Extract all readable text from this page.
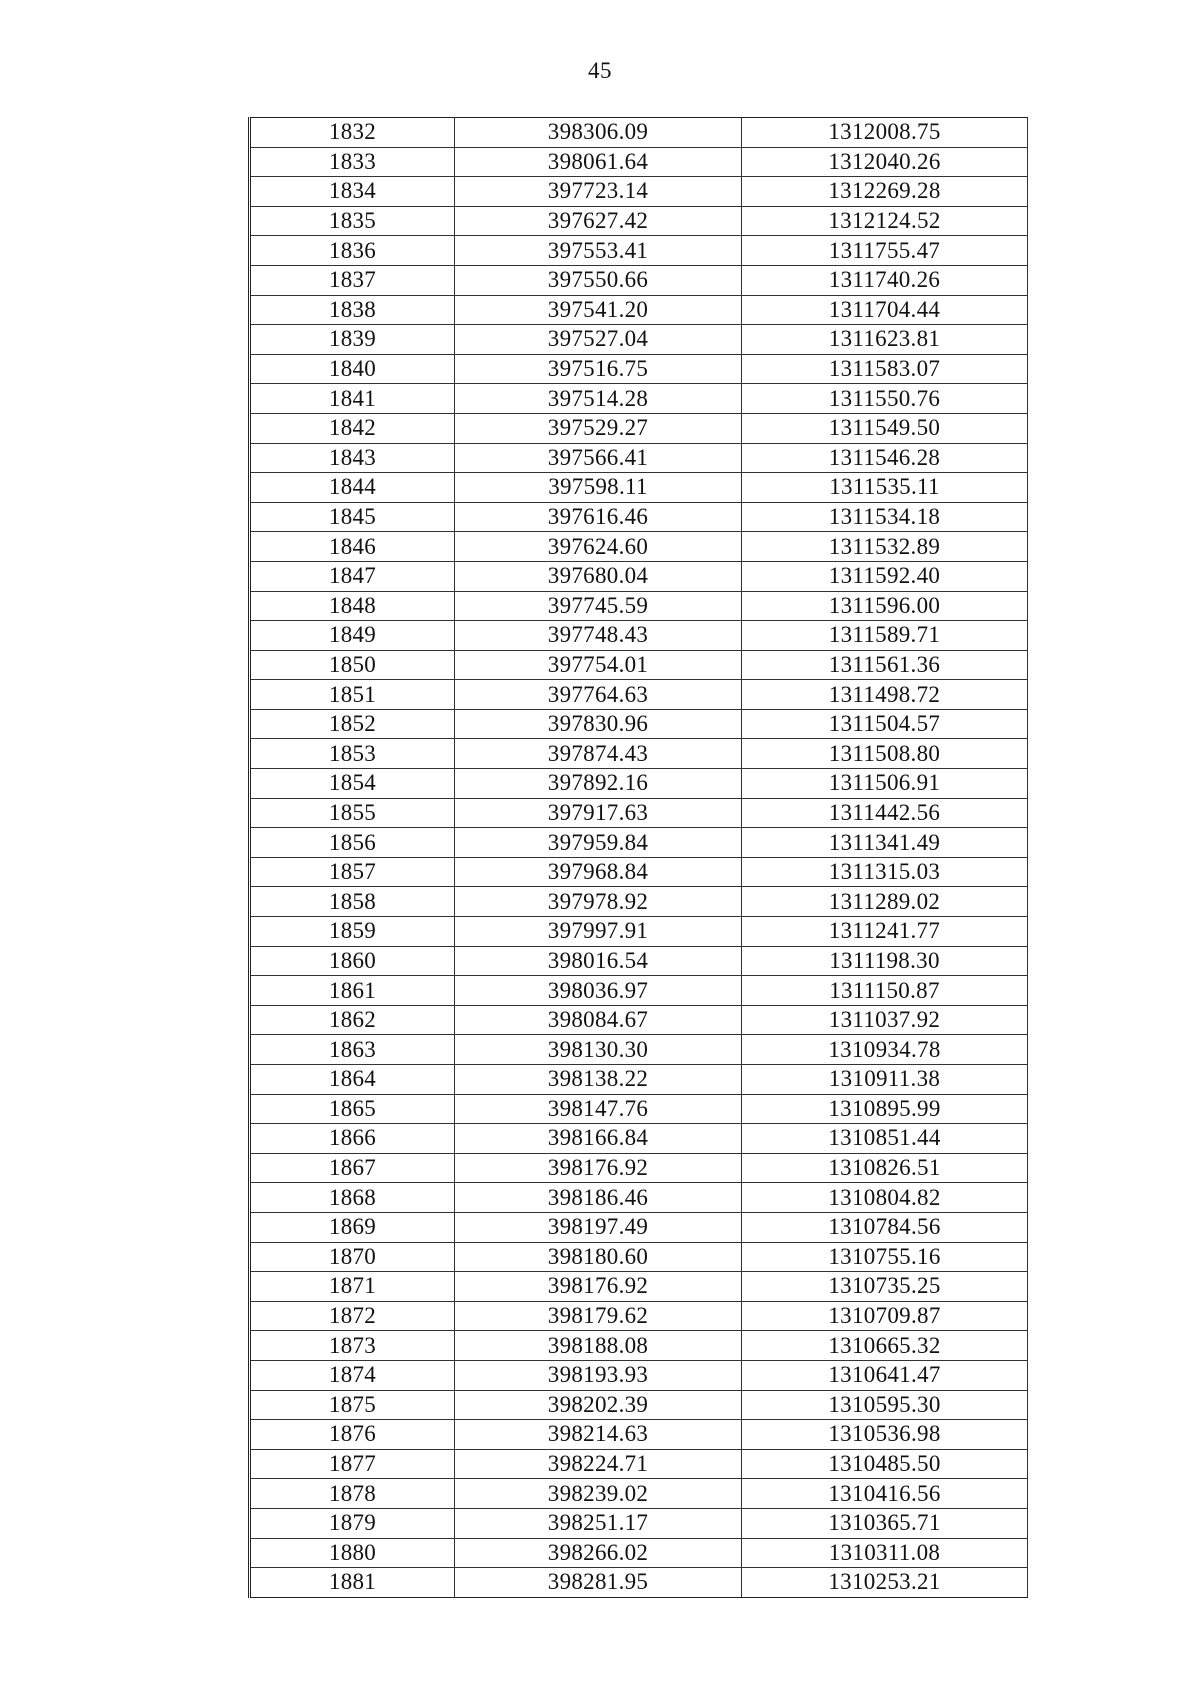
45
1832	398306.09	1312008.75
1833	398061.64	1312040.26
1834	397723.14	1312269.28
1835	397627.42	1312124.52
1836	397553.41	1311755.47
1837	397550.66	1311740.26
1838	397541.20	1311704.44
1839	397527.04	1311623.81
1840	397516.75	1311583.07
1841	397514.28	1311550.76
1842	397529.27	1311549.50
1843	397566.41	1311546.28
1844	397598.11	1311535.11
1845	397616.46	1311534.18
1846	397624.60	1311532.89
1847	397680.04	1311592.40
1848	397745.59	1311596.00
1849	397748.43	1311589.71
1850	397754.01	1311561.36
1851	397764.63	1311498.72
1852	397830.96	1311504.57
1853	397874.43	1311508.80
1854	397892.16	1311506.91
1855	397917.63	1311442.56
1856	397959.84	1311341.49
1857	397968.84	1311315.03
1858	397978.92	1311289.02
1859	397997.91	1311241.77
1860	398016.54	1311198.30
1861	398036.97	1311150.87
1862	398084.67	1311037.92
1863	398130.30	1310934.78
1864	398138.22	1310911.38
1865	398147.76	1310895.99
1866	398166.84	1310851.44
1867	398176.92	1310826.51
1868	398186.46	1310804.82
1869	398197.49	1310784.56
1870	398180.60	1310755.16
1871	398176.92	1310735.25
1872	398179.62	1310709.87
1873	398188.08	1310665.32
1874	398193.93	1310641.47
1875	398202.39	1310595.30
1876	398214.63	1310536.98
1877	398224.71	1310485.50
1878	398239.02	1310416.56
1879	398251.17	1310365.71
1880	398266.02	1310311.08
1881	398281.95	1310253.21
